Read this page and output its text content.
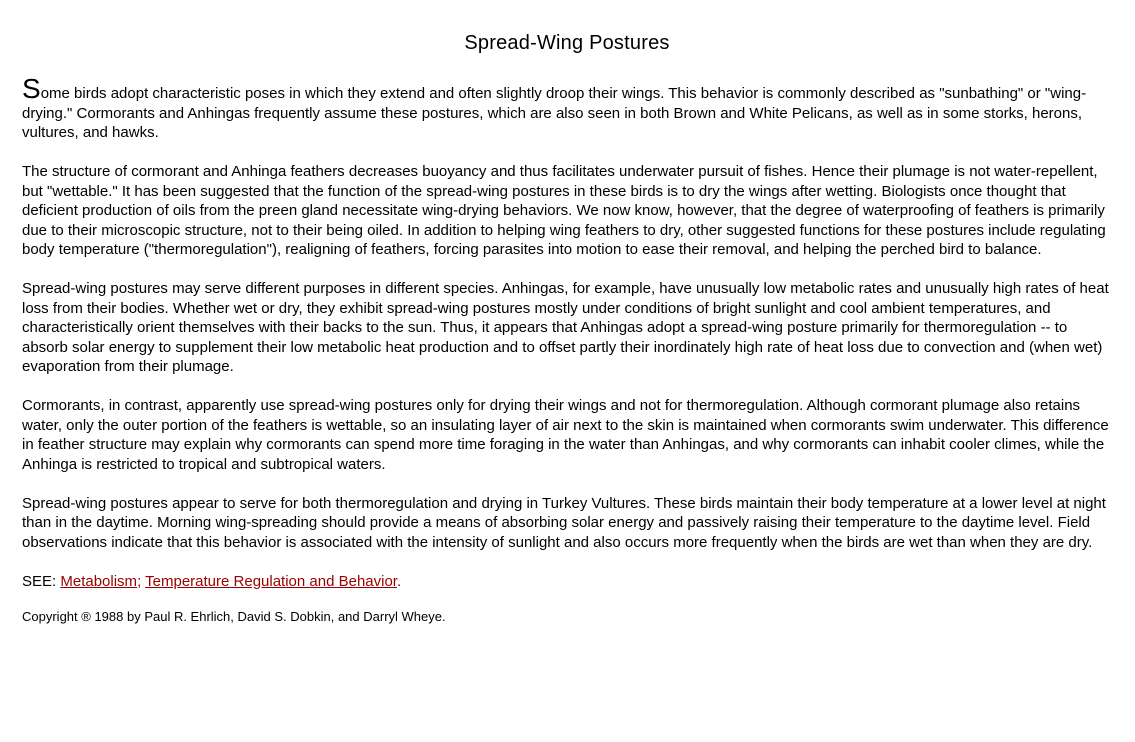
Spread-Wing Postures

Some birds adopt characteristic poses in which they extend and often slightly droop their wings. This behavior is commonly described as "sunbathing" or "wing-drying." Cormorants and Anhingas frequently assume these postures, which are also seen in both Brown and White Pelicans, as well as in some storks, herons, vultures, and hawks.

The structure of cormorant and Anhinga feathers decreases buoyancy and thus facilitates underwater pursuit of fishes. Hence their plumage is not water-repellent, but "wettable." It has been suggested that the function of the spread-wing postures in these birds is to dry the wings after wetting. Biologists once thought that deficient production of oils from the preen gland necessitate wing-drying behaviors. We now know, however, that the degree of waterproofing of feathers is primarily due to their microscopic structure, not to their being oiled. In addition to helping wing feathers to dry, other suggested functions for these postures include regulating body temperature ("thermoregulation"), realigning of feathers, forcing parasites into motion to ease their removal, and helping the perched bird to balance.

Spread-wing postures may serve different purposes in different species. Anhingas, for example, have unusually low metabolic rates and unusually high rates of heat loss from their bodies. Whether wet or dry, they exhibit spread-wing postures mostly under conditions of bright sunlight and cool ambient temperatures, and characteristically orient themselves with their backs to the sun. Thus, it appears that Anhingas adopt a spread-wing posture primarily for thermoregulation -- to absorb solar energy to supplement their low metabolic heat production and to offset partly their inordinately high rate of heat loss due to convection and (when wet) evaporation from their plumage.

Cormorants, in contrast, apparently use spread-wing postures only for drying their wings and not for thermoregulation. Although cormorant plumage also retains water, only the outer portion of the feathers is wettable, so an insulating layer of air next to the skin is maintained when cormorants swim underwater. This difference in feather structure may explain why cormorants can spend more time foraging in the water than Anhingas, and why cormorants can inhabit cooler climes, while the Anhinga is restricted to tropical and subtropical waters.

Spread-wing postures appear to serve for both thermoregulation and drying in Turkey Vultures. These birds maintain their body temperature at a lower level at night than in the daytime. Morning wing-spreading should provide a means of absorbing solar energy and passively raising their temperature to the daytime level. Field observations indicate that this behavior is associated with the intensity of sunlight and also occurs more frequently when the birds are wet than when they are dry.

SEE: Metabolism; Temperature Regulation and Behavior.

Copyright ® 1988 by Paul R. Ehrlich, David S. Dobkin, and Darryl Wheye.
